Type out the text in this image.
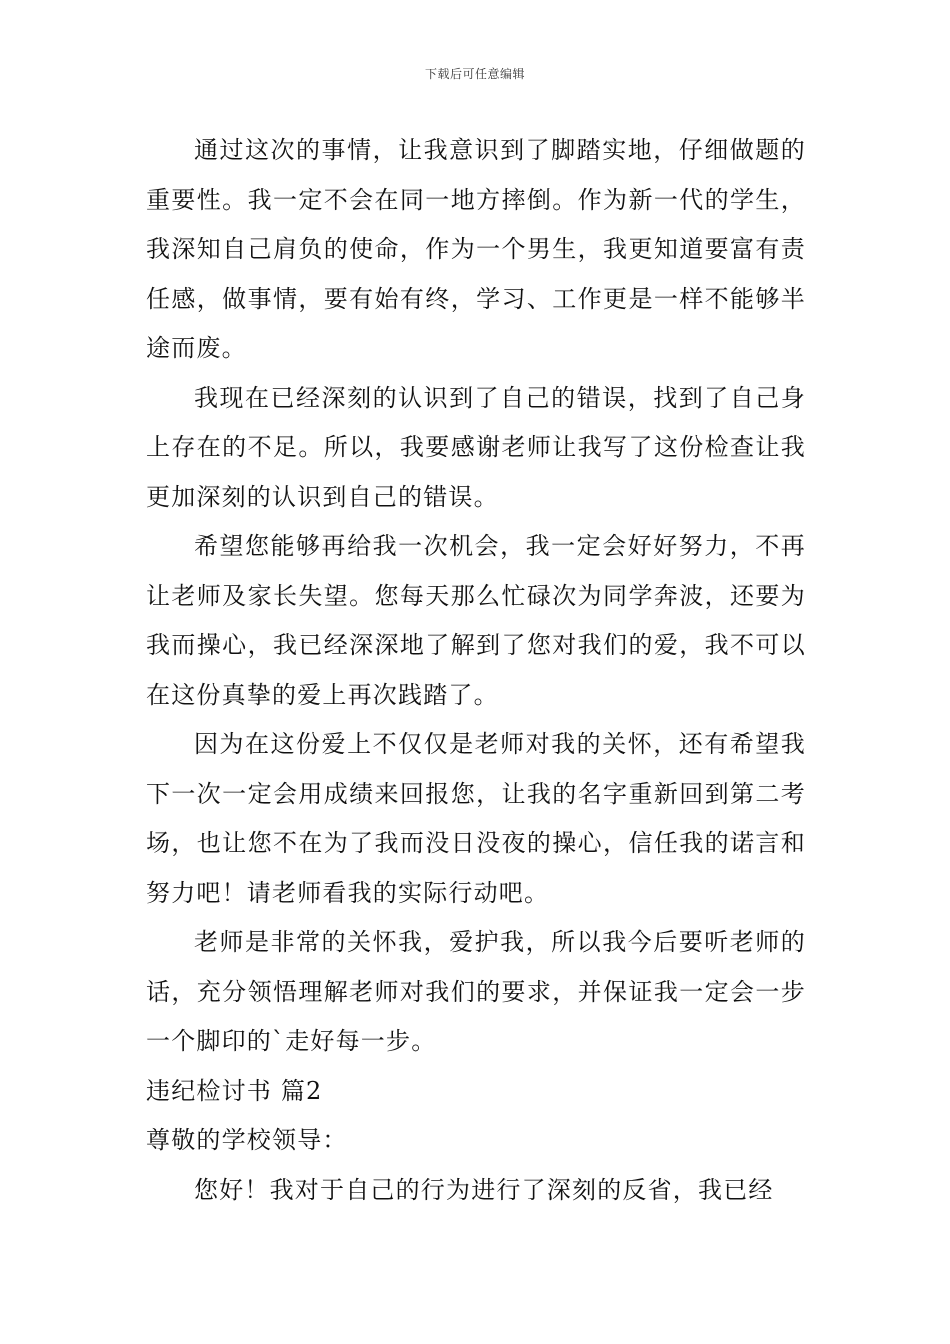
下载后可任意编辑

通过这次的事情，让我意识到了脚踏实地，仔细做题的重要性。我一定不会在同一地方摔倒。作为新一代的学生，我深知自己肩负的使命，作为一个男生，我更知道要富有责任感，做事情，要有始有终，学习、工作更是一样不能够半途而废。

我现在已经深刻的认识到了自己的错误，找到了自己身上存在的不足。所以，我要感谢老师让我写了这份检查让我更加深刻的认识到自己的错误。

希望您能够再给我一次机会，我一定会好好努力，不再让老师及家长失望。您每天那么忙碌次为同学奔波，还要为我而操心，我已经深深地了解到了您对我们的爱，我不可以在这份真挚的爱上再次践踏了。

因为在这份爱上不仅仅是老师对我的关怀，还有希望我下一次一定会用成绩来回报您，让我的名字重新回到第二考场，也让您不在为了我而没日没夜的操心，信任我的诺言和努力吧！请老师看我的实际行动吧。

老师是非常的关怀我，爱护我，所以我今后要听老师的话，充分领悟理解老师对我们的要求，并保证我一定会一步一个脚印的`走好每一步。

违纪检讨书 篇2

尊敬的学校领导：

您好！我对于自己的行为进行了深刻的反省，我已经
